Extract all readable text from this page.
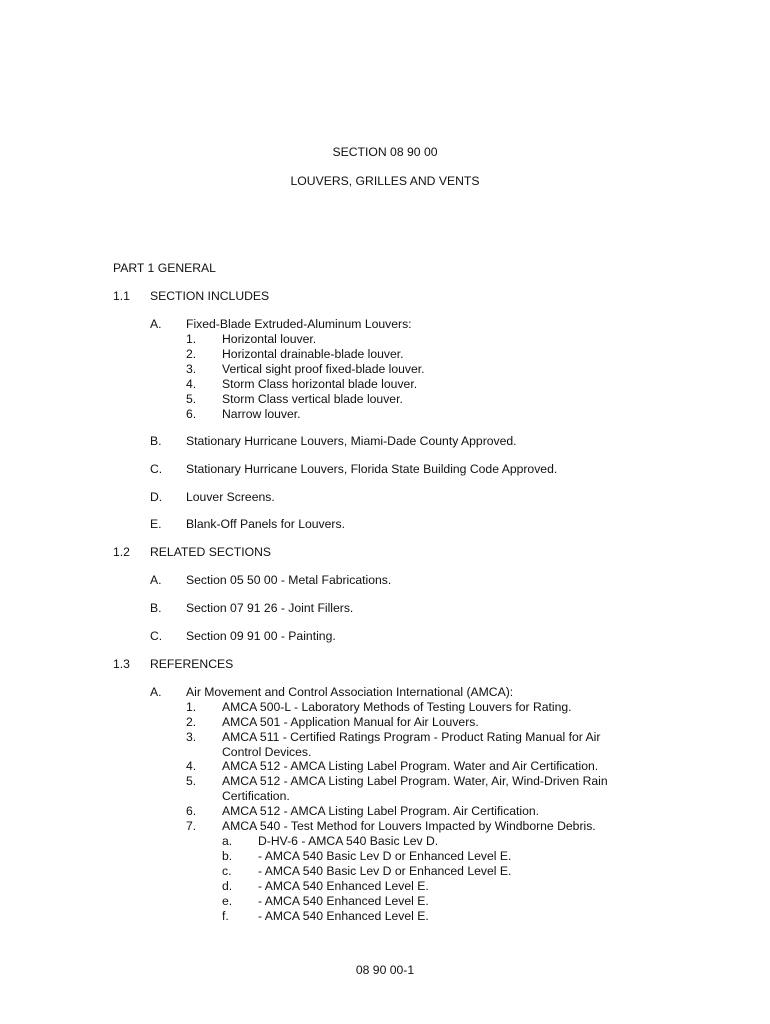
SECTION 08 90 00
LOUVERS, GRILLES AND VENTS
PART 1 GENERAL
1.1 SECTION INCLUDES
A. Fixed-Blade Extruded-Aluminum Louvers:
1. Horizontal louver.
2. Horizontal drainable-blade louver.
3. Vertical sight proof fixed-blade louver.
4. Storm Class horizontal blade louver.
5. Storm Class vertical blade louver.
6. Narrow louver.
B. Stationary Hurricane Louvers, Miami-Dade County Approved.
C. Stationary Hurricane Louvers, Florida State Building Code Approved.
D. Louver Screens.
E. Blank-Off Panels for Louvers.
1.2 RELATED SECTIONS
A. Section 05 50 00 - Metal Fabrications.
B. Section 07 91 26 - Joint Fillers.
C. Section 09 91 00 - Painting.
1.3 REFERENCES
A. Air Movement and Control Association International (AMCA):
1. AMCA 500-L - Laboratory Methods of Testing Louvers for Rating.
2. AMCA 501 - Application Manual for Air Louvers.
3. AMCA 511 - Certified Ratings Program - Product Rating Manual for Air
Control Devices.
4. AMCA 512 - AMCA Listing Label Program. Water and Air Certification.
5. AMCA 512 - AMCA Listing Label Program. Water, Air, Wind-Driven Rain
Certification.
6. AMCA 512 - AMCA Listing Label Program. Air Certification.
7. AMCA 540 - Test Method for Louvers Impacted by Windborne Debris.
a. D-HV-6 - AMCA 540 Basic Lev D.
b. - AMCA 540 Basic Lev D or Enhanced Level E.
c. - AMCA 540 Basic Lev D or Enhanced Level E.
d. - AMCA 540 Enhanced Level E.
e. - AMCA 540 Enhanced Level E.
f. - AMCA 540 Enhanced Level E.
08 90 00-1
